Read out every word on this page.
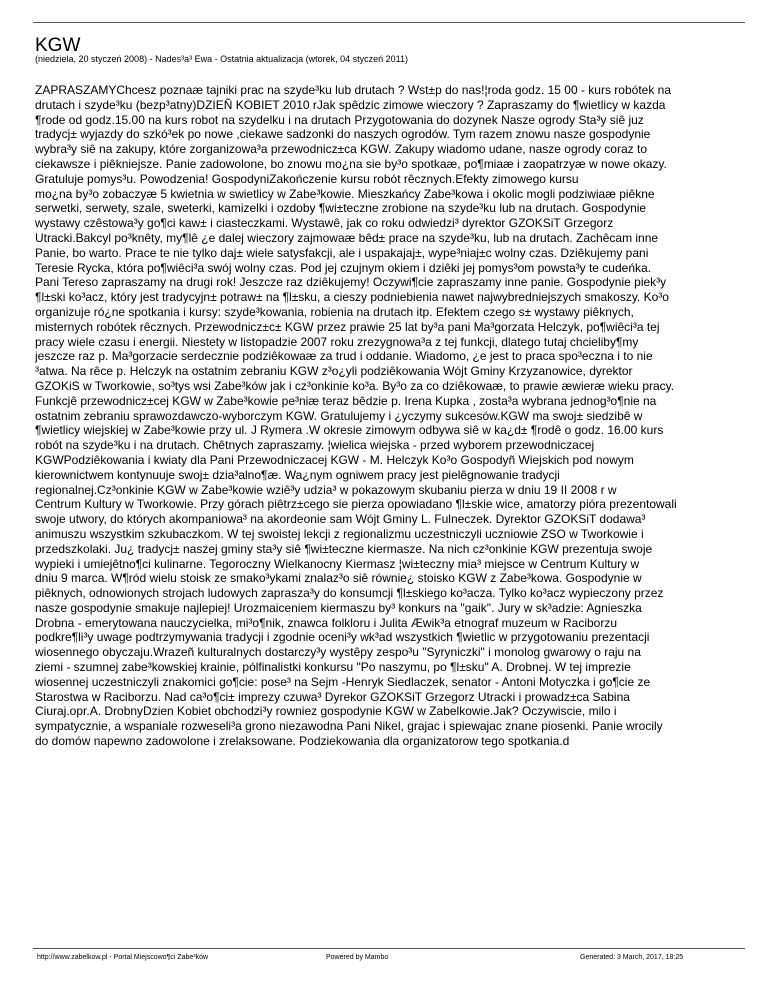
KGW
(niedziela, 20 styczeń 2008) - Nades³a³ Ewa - Ostatnia aktualizacja (wtorek, 04 styczeń 2011)
ZAPRASZAMYChcesz poznaæ tajniki prac na szyde³ku lub drutach ? Wst±p do nas!¦roda godz. 15 00 - kurs robótek na
drutach i szyde³ku (bezp³atny)DZIEÑ KOBIET 2010 rJak spêdzic zimowe wieczory ? Zapraszamy do ¶wietlicy w kazda
¶rode od godz.15.00 na kurs robot na szydelku i na drutach Przygotowania do dozynek Nasze ogrody Sta³y siê juz
tradycj± wyjazdy do szkó³ek po nowe ,ciekawe sadzonki do naszych ogrodów. Tym razem znowu nasze gospodynie
wybra³y siê na zakupy, które zorganizowa³a przewodnicz±ca KGW. Zakupy wiadomo udane, nasze ogrody coraz to
ciekawsze i piêkniejsze. Panie zadowolone, bo znowu mo¿na sie by³o spotkaæ, po¶miaæ i zaopatrzyæ w nowe okazy.
Gratuluje pomys³u. Powodzenia! GospodyniZakończenie kursu robót rêcznych.Efekty zimowego kursu
mo¿na by³o zobaczyæ 5 kwietnia w swietlicy w Zabe³kowie. Mieszkańcy Zabe³kowa i okolic mogli podziwiaæ piêkne
serwetki, serwety, szale, sweterki, kamizelki i ozdoby ¶wi±teczne zrobione na szyde³ku lub na drutach. Gospodynie
wystawy czêstowa³y go¶ci kaw± i ciasteczkami. Wystawê, jak co roku odwiedzi³ dyrektor GZOKSiT Grzegorz
Utracki.Bakcyl po³knêty, my¶lê ¿e dalej wieczory zajmowaæ bêd± prace na szyde³ku, lub na drutach. Zachêcam inne
Panie, bo warto. Prace te nie tylko daj± wiele satysfakcji, ale i uspakajaj±, wype³niaj±c wolny czas. Dziêkujemy pani
Teresie Rycka, która po¶wiêci³a swój wolny czas. Pod jej czujnym okiem i dziêki jej pomys³om powsta³y te cudeńka.
Pani Tereso zapraszamy na drugi rok! Jeszcze raz dziêkujemy! Oczywi¶cie zapraszamy inne panie. Gospodynie piek³y
¶l±ski ko³acz, który jest tradycyjn± potraw± na ¶l±sku, a cieszy podniebienia nawet najwybredniejszych smakoszy. Ko³o
organizuje ró¿ne spotkania i kursy: szyde³kowania, robienia na drutach itp. Efektem czego s± wystawy piêknych,
misternych robótek rêcznych. Przewodnicz±c± KGW przez prawie 25 lat by³a pani Ma³gorzata Helczyk, po¶wiêci³a tej
pracy wiele czasu i energii. Niestety w listopadzie 2007 roku zrezygnowa³a z tej funkcji, dlatego tutaj chcieliby¶my
jeszcze raz p. Ma³gorzacie serdecznie podziêkowaæ za trud i oddanie. Wiadomo, ¿e jest to praca spo³eczna i to nie
³atwa. Na rêce p. Helczyk na ostatnim zebraniu KGW z³o¿yli podziêkowania Wójt Gminy Krzyzanowice, dyrektor
GZOKiS w Tworkowie, so³tys wsi Zabe³ków jak i cz³onkinie ko³a. By³o za co dziêkowaæ, to prawie æwieræ wieku pracy.
Funkcjê przewodnicz±cej KGW w Zabe³kowie pe³niæ teraz bêdzie p. Irena Kupka , zosta³a wybrana jednog³o¶nie na
ostatnim zebraniu sprawozdawczo-wyborczym KGW. Gratulujemy i ¿yczymy sukcesów.KGW ma swoj± siedzibê w
¶wietlicy wiejskiej w Zabe³kowie przy ul. J Rymera .W okresie zimowym odbywa siê w ka¿d± ¶rodê o godz. 16.00 kurs
robót na szyde³ku i na drutach. Chêtnych zapraszamy. ¦wielica wiejska - przed wyborem przewodniczacej
KGWPodziêkowania i kwiaty dla Pani Przewodniczacej KGW - M. Helczyk Ko³o Gospodyñ Wiejskich pod nowym
kierownictwem kontynuuje swoj± dzia³alno¶æ. Wa¿nym ogniwem pracy jest pielêgnowanie tradycji
regionalnej.Cz³onkinie KGW w Zabe³kowie wziê³y udzia³ w pokazowym skubaniu pierza w dniu 19 II 2008 r w
Centrum Kultury w Tworkowie. Przy górach piêtrz±cego sie pierza opowiadano ¶l±skie wice, amatorzy pióra prezentowali
swoje utwory, do których akompaniowa³ na akordeonie sam Wójt Gminy L. Fulneczek. Dyrektor GZOKSiT dodawa³
animuszu wszystkim szkubaczkom. W tej swoistej lekcji z regionalizmu uczestniczyli uczniowie ZSO w Tworkowie i
przedszkolaki. Ju¿ tradycj± naszej gminy sta³y siê ¶wi±teczne kiermasze. Na nich cz³onkinie KGW prezentuja swoje
wypieki i umiejêtno¶ci kulinarne. Tegoroczny Wielkanocny Kiermasz ¦wi±teczny mia³ miejsce w Centrum Kultury w
dniu 9 marca. W¶ród wielu stoisk ze smako³ykami znalaz³o siê równie¿ stoisko KGW z Zabe³kowa. Gospodynie w
piêknych, odnowionych strojach ludowych zaprasza³y do konsumcji ¶l±skiego ko³acza. Tylko ko³acz wypieczony przez
nasze gospodynie smakuje najlepiej! Urozmaiceniem kiermaszu by³ konkurs na "gaik". Jury w sk³adzie: Agnieszka
Drobna - emerytowana nauczycielka, mi³o¶nik, znawca folkloru i Julita Æwik³a etnograf muzeum w Raciborzu
podkre¶li³y uwage podtrzymywania tradycji i zgodnie oceni³y wk³ad wszystkich ¶wietlic w przygotowaniu prezentacji
wiosennego obyczaju.Wrazeñ kulturalnych dostarczy³y wystêpy zespo³u "Syryniczki" i monolog gwarowy o raju na
ziemi - szumnej zabe³kowskiej krainie, pólfinalistki konkursu "Po naszymu, po ¶l±sku" A. Drobnej. W tej imprezie
wiosennej uczestniczyli znakomici go¶cie: pose³ na Sejm -Henryk Siedlaczek, senator - Antoni Motyczka i go¶cie ze
Starostwa w Raciborzu. Nad ca³o¶ci± imprezy czuwa³ Dyrekor GZOKSiT Grzegorz Utracki i prowadz±ca Sabina
Ciuraj.opr.A. DrobnyDzien Kobiet obchodzi³y rowniez gospodynie KGW w Zabelkowie.Jak? Oczywiscie, milo i
sympatycznie, a wspaniale rozweseli³a grono niezawodna Pani Nikel, grajac i spiewajac znane piosenki. Panie wrocily
do domów napewno zadowolone i zrelaksowane. Podziekowania dla organizatorow tego spotkania.d
http://www.zabelkow.pl - Portal Miejscowo¶ci Zabe³ków	Powered by Mambo	Generated: 3 March, 2017, 18:25
